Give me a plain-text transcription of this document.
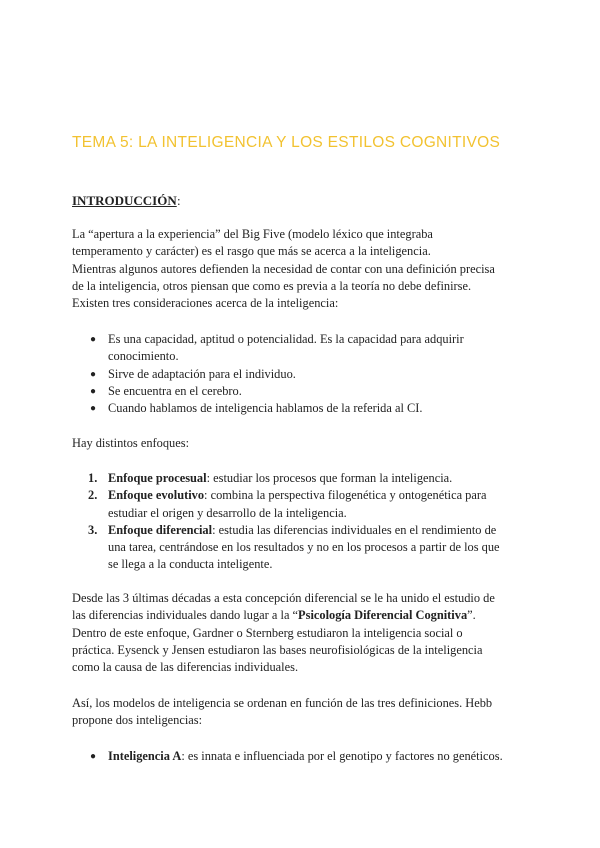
TEMA 5: LA INTELIGENCIA Y LOS ESTILOS COGNITIVOS
INTRODUCCIÓN :
La “apertura a la experiencia” del Big Five (modelo léxico que integraba
temperamento y carácter) es el rasgo que más se acerca a la inteligencia.
Mientras algunos autores defienden la necesidad de contar con una definición precisa
de la inteligencia, otros piensan que como es previa a la teoría no debe definirse.
Existen tres consideraciones acerca de la inteligencia:
● Es una capacidad, aptitud o potencialidad. Es la capacidad para adquirir
conocimiento.
● Sirve de adaptación para el individuo.
● Se encuentra en el cerebro.
● Cuando hablamos de inteligencia hablamos de la referida al CI.
Hay distintos enfoques:
1. Enfoque procesual: estudiar los procesos que forman la inteligencia.
2. Enfoque evolutivo: combina la perspectiva filogenética y ontogenética para
estudiar el origen y desarrollo de la inteligencia.
3. Enfoque diferencial: estudia las diferencias individuales en el rendimiento de
una tarea, centrándose en los resultados y no en los procesos a partir de los que
se llega a la conducta inteligente.
Desde las 3 últimas décadas a esta concepción diferencial se le ha unido el estudio de
las diferencias individuales dando lugar a la “Psicología Diferencial Cognitiva”.
Dentro de este enfoque, Gardner o Sternberg estudiaron la inteligencia social o
práctica. Eysenck y Jensen estudiaron las bases neurofisiológicas de la inteligencia
como la causa de las diferencias individuales.
Así, los modelos de inteligencia se ordenan en función de las tres definiciones. Hebb
propone dos inteligencias:
● Inteligencia A: es innata e influenciada por el genotipo y factores no genéticos.
